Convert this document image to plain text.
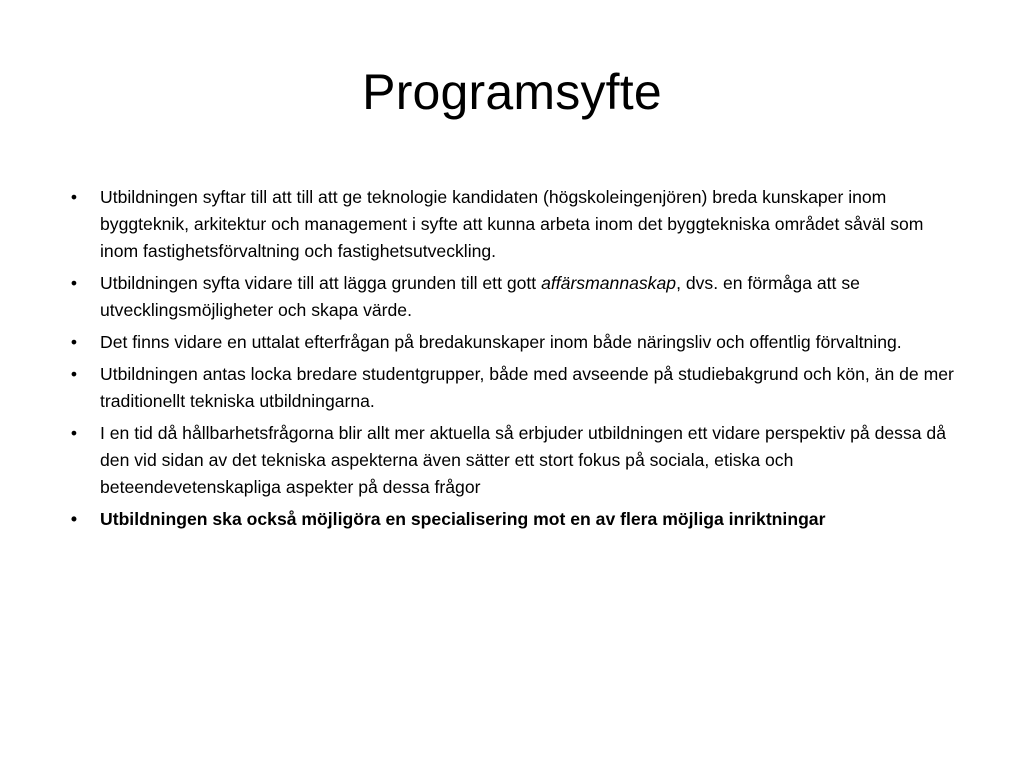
Programsyfte
•	Utbildningen syftar till att till att ge teknologie kandidaten (högskoleingenjören) breda kunskaper inom byggteknik, arkitektur och management i syfte att kunna arbeta inom det byggtekniska området såväl som inom fastighetsförvaltning och fastighetsutveckling.
•	Utbildningen syfta vidare till att lägga grunden till ett gott affärsmannaskap, dvs. en förmåga att se utvecklingsmöjligheter och skapa värde.
•	Det finns vidare en uttalat efterfrågan på bredakunskaper inom både näringsliv och offentlig förvaltning.
•	Utbildningen antas locka bredare studentgrupper, både med avseende på studiebakgrund och kön, än de mer traditionellt tekniska utbildningarna.
•	I en tid då hållbarhetsfrågorna blir allt mer aktuella så erbjuder utbildningen ett vidare perspektiv på dessa då den vid sidan av det tekniska aspekterna även sätter ett stort fokus på sociala, etiska och beteendevetenskapliga aspekter på dessa frågor
•	Utbildningen ska också möjligöra en specialisering mot en av flera möjliga inriktningar
